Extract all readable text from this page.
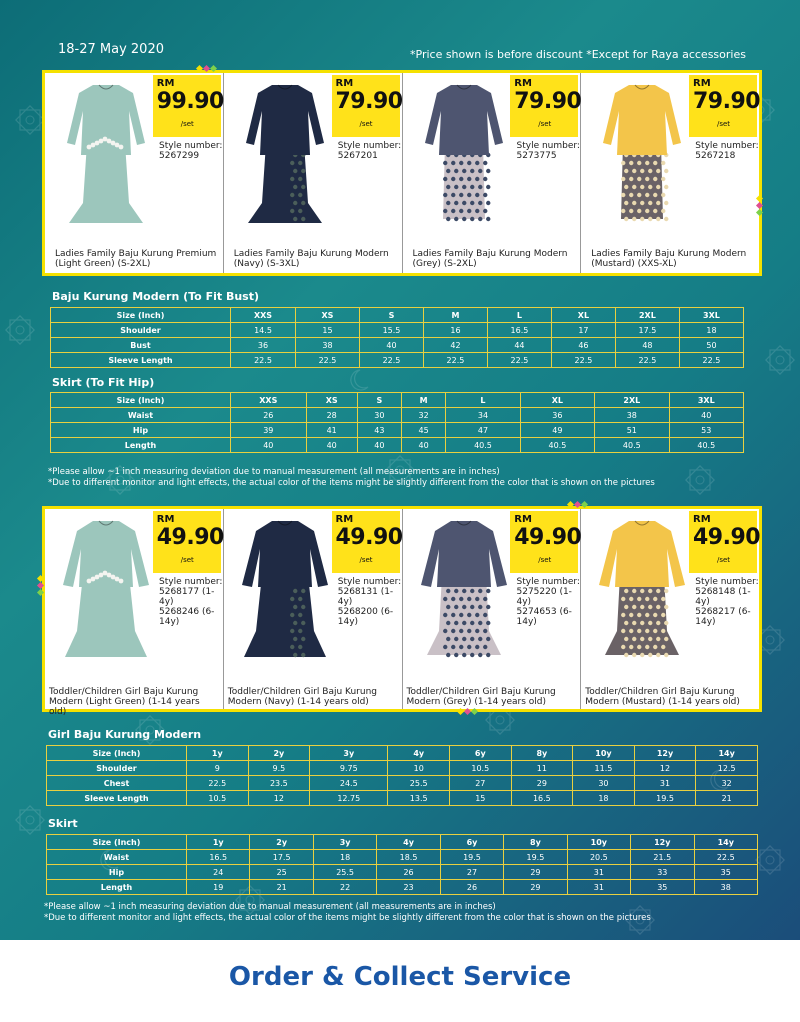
18-27 May 2020	*Price shown is before discount *Except for Raya accessories
RM
99.90
/set
Style number:
5267299
Ladies Family Baju Kurung Premium (Light Green) (S-2XL)
RM
79.90
/set
Style number:
5267201
Ladies Family Baju Kurung Modern (Navy) (S-3XL)
RM
79.90
/set
Style number:
5273775
Ladies Family Baju Kurung Modern (Grey) (S-2XL)
RM
79.90
/set
Style number:
5267218
Ladies Family Baju Kurung Modern (Mustard) (XXS-XL)
Baju Kurung Modern (To Fit Bust)
Size (Inch)	XXS	XS	S	M	L	XL	2XL	3XL
Shoulder	14.5	15	15.5	16	16.5	17	17.5	18
Bust	36	38	40	42	44	46	48	50
Sleeve Length	22.5	22.5	22.5	22.5	22.5	22.5	22.5	22.5
Skirt (To Fit Hip)
Size (Inch)	XXS	XS	S	M	L	XL	2XL	3XL
Waist	26	28	30	32	34	36	38	40
Hip	39	41	43	45	47	49	51	53
Length	40	40	40	40	40.5	40.5	40.5	40.5
*Please allow ~1 inch measuring deviation due to manual measurement (all measurements are in inches)
*Due to different monitor and light effects, the actual color of the items might be slightly different from the color that is shown on the pictures
RM
49.90
/set
Style number:
5268177 (1-4y)
5268246 (6-14y)
Toddler/Children Girl Baju Kurung Modern (Light Green) (1-14 years old)
RM
49.90
/set
Style number:
5268131 (1-4y)
5268200 (6-14y)
Toddler/Children Girl Baju Kurung Modern (Navy) (1-14 years old)
RM
49.90
/set
Style number:
5275220 (1-4y)
5274653 (6-14y)
Toddler/Children Girl Baju Kurung Modern (Grey) (1-14 years old)
RM
49.90
/set
Style number:
5268148 (1-4y)
5268217 (6-14y)
Toddler/Children Girl Baju Kurung Modern (Mustard) (1-14 years old)
Girl Baju Kurung Modern
Size (Inch)	1y	2y	3y	4y	6y	8y	10y	12y	14y
Shoulder	9	9.5	9.75	10	10.5	11	11.5	12	12.5
Chest	22.5	23.5	24.5	25.5	27	29	30	31	32
Sleeve Length	10.5	12	12.75	13.5	15	16.5	18	19.5	21
Skirt
Size (Inch)	1y	2y	3y	4y	6y	8y	10y	12y	14y
Waist	16.5	17.5	18	18.5	19.5	19.5	20.5	21.5	22.5
Hip	24	25	25.5	26	27	29	31	33	35
Length	19	21	22	23	26	29	31	35	38
*Please allow ~1 inch measuring deviation due to manual measurement (all measurements are in inches)
*Due to different monitor and light effects, the actual color of the items might be slightly different from the color that is shown on the pictures
Order & Collect Service
